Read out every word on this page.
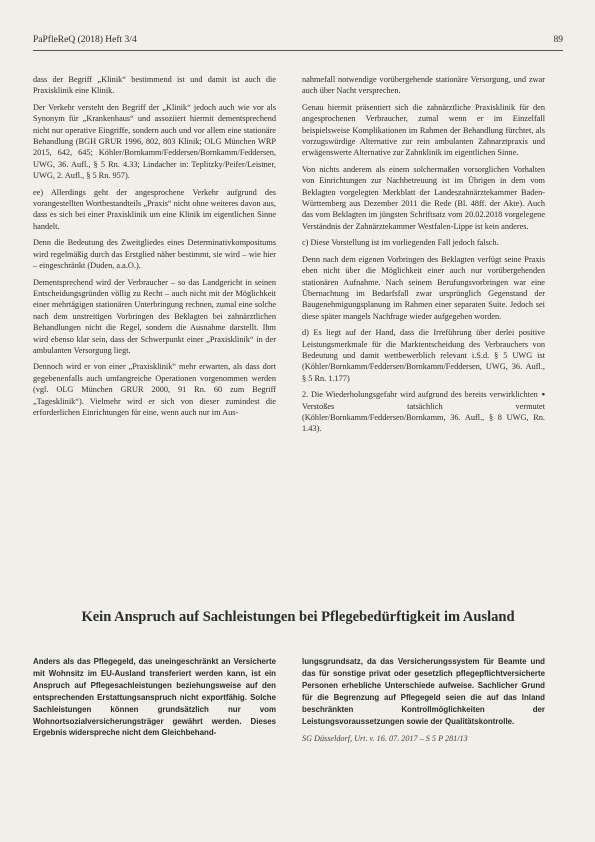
PaPfleReQ (2018) Heft 3/4	89

dass der Begriff „Klinik“ bestimmend ist und damit ist auch die Praxisklinik eine Klinik.

Der Verkehr versteht den Begriff der „Klinik“ jedoch auch wie vor als Synonym für „Krankenhaus“ und assoziiert hiermit dementsprechend nicht nur operative Eingriffe, sondern auch und vor allem eine stationäre Behandlung (BGH GRUR 1996, 802, 803 Klinik; OLG München WRP 2015, 642, 645; Köhler/Bornkamm/Feddersen/Bornkamm/Feddersen, UWG, 36. Aufl., § 5 Rn. 4.33; Lindacher in: Teplitzky/Peifer/Leistner, UWG, 2. Aufl., § 5 Rn. 957).

ee) Allerdings geht der angesprochene Verkehr aufgrund des vorangestellten Wortbestandteils „Praxis“ nicht ohne weiteres davon aus, dass es sich bei einer Praxisklinik um eine Klinik im eigentlichen Sinne handelt.

Denn die Bedeutung des Zweitgliedes eines Determinativkompositums wird regelmäßig durch das Erstglied näher bestimmt, sie wird – wie hier – eingeschränkt (Duden, a.a.O.).

Dementsprechend wird der Verbraucher – so das Landgericht in seinen Entscheidungsgründen völlig zu Recht – auch nicht mit der Möglichkeit einer mehrtägigen stationären Unterbringung rechnen, zumal eine solche nach dem unstreitigen Vorbringen des Beklagten bei zahnärztlichen Behandlungen nicht die Regel, sondern die Ausnahme darstellt. Ihm wird ebenso klar sein, dass der Schwerpunkt einer „Praxisklinik“ in der ambulanten Versorgung liegt.

Dennoch wird er von einer „Praxisklinik“ mehr erwarten, als dass dort gegebenenfalls auch umfangreiche Operationen vorgenommen werden (vgl. OLG München GRUR 2000, 91 Rn. 60 zum Begriff „Tagesklinik“). Vielmehr wird er sich von dieser zumindest die erforderlichen Einrichtungen für eine, wenn auch nur im Aus-

nahmefall notwendige vorübergehende stationäre Versorgung, und zwar auch über Nacht versprechen.

Genau hiermit präsentiert sich die zahnärztliche Praxisklinik für den angesprochenen Verbraucher, zumal wenn er im Einzelfall beispielsweise Komplikationen im Rahmen der Behandlung fürchtet, als vorzugswürdige Alternative zur rein ambulanten Zahnarztpraxis und erwägenswerte Alternative zur Zahnklinik im eigentlichen Sinne.

Von nichts anderem als einem solchermaßen vorsorglichen Vorhalten von Einrichtungen zur Nachbetreuung ist im Übrigen in dem vom Beklagten vorgelegten Merkblatt der Landeszahnärztekammer Baden-Württemberg aus Dezember 2011 die Rede (Bl. 48ff. der Akte). Auch das vom Beklagten im jüngsten Schriftsatz vom 20.02.2018 vorgelegene Verständnis der Zahnärztekammer Westfalen-Lippe ist kein anderes.

c) Diese Vorstellung ist im vorliegenden Fall jedoch falsch.

Denn nach dem eigenen Vorbringen des Beklagten verfügt seine Praxis eben nicht über die Möglichkeit einer auch nur vorübergehenden stationären Aufnahme. Nach seinem Berufungsvorbringen war eine Übernachtung im Bedarfsfall zwar ursprünglich Gegenstand der Baugenehmigungsplanung im Rahmen einer separaten Suite. Jedoch sei diese später mangels Nachfrage wieder aufgegeben worden.

d) Es liegt auf der Hand, dass die Irreführung über derlei positive Leistungsmerkmale für die Marktentscheidung des Verbrauchers von Bedeutung und damit wettbewerblich relevant i.S.d. § 5 UWG ist (Köhler/Bornkamm/Feddersen/Bornkamm/Feddersen, UWG, 36. Aufl., § 5 Rn. 1.177)

▪
2. Die Wiederholungsgefahr wird aufgrund des bereits verwirklichten Verstoßes tatsächlich vermutet (Köhler/Bornkamm/Feddersen/Bornkamm, 36. Aufl., § 8 UWG, Rn. 1.43).

Kein Anspruch auf Sachleistungen bei Pflegebedürftigkeit im Ausland
Anders als das Pflegegeld, das uneingeschränkt an Versicherte mit Wohnsitz im EU-Ausland transferiert werden kann, ist ein Anspruch auf Pflegesachleistungen beziehungsweise auf den entsprechenden Erstattungsanspruch nicht exportfähig. Solche Sachleistungen können grundsätzlich nur vom Wohnortsozialversicherungsträger gewährt werden. Dieses Ergebnis widerspreche nicht dem Gleichbehand-
lungsgrundsatz, da das Versicherungssystem für Beamte und das für sonstige privat oder gesetzlich pflegepflichtversicherte Personen erhebliche Unterschiede aufweise. Sachlicher Grund für die Begrenzung auf Pflegegeld seien die auf das Inland beschränkten Kontrollmöglichkeiten der Leistungsvoraussetzungen sowie der Qualitätskontrolle.
SG Düsseldorf, Urt. v. 16. 07. 2017 – S 5 P 281/13
